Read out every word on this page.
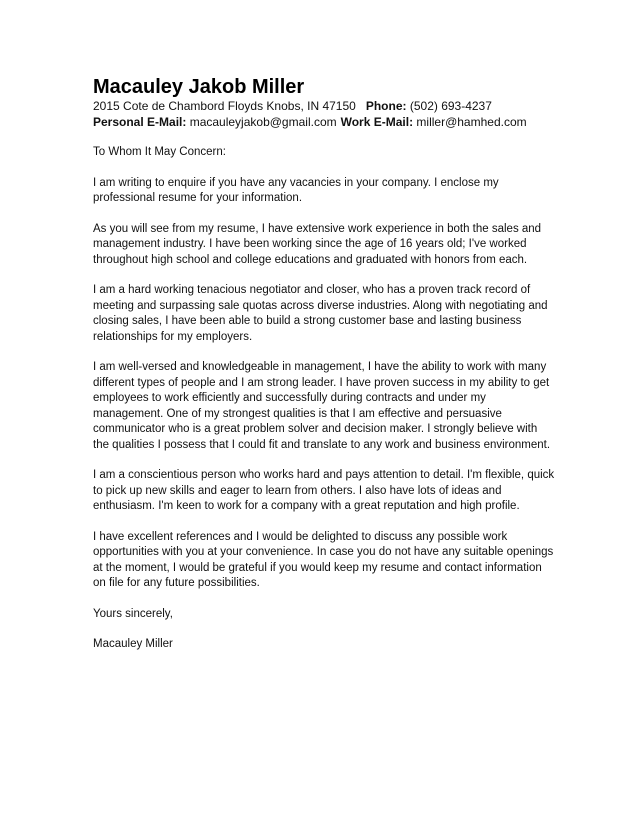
Macauley Jakob Miller

2015 Cote de Chambord Floyds Knobs, IN 47150 Phone: (502) 693-4237

Personal E-Mail: macauleyjakob@gmail.com Work E-Mail: miller@hamhed.com

To Whom It May Concern:

I am writing to enquire if you have any vacancies in your company. I enclose my professional resume for your information.

As you will see from my resume, I have extensive work experience in both the sales and management industry. I have been working since the age of 16 years old; I've worked throughout high school and college educations and graduated with honors from each.

I am a hard working tenacious negotiator and closer, who has a proven track record of meeting and surpassing sale quotas across diverse industries. Along with negotiating and closing sales, I have been able to build a strong customer base and lasting business relationships for my employers.

I am well-versed and knowledgeable in management, I have the ability to work with many different types of people and I am strong leader. I have proven success in my ability to get employees to work efficiently and successfully during contracts and under my management. One of my strongest qualities is that I am effective and persuasive communicator who is a great problem solver and decision maker. I strongly believe with the qualities I possess that I could fit and translate to any work and business environment.

I am a conscientious person who works hard and pays attention to detail. I'm flexible, quick to pick up new skills and eager to learn from others. I also have lots of ideas and enthusiasm. I'm keen to work for a company with a great reputation and high profile.

I have excellent references and I would be delighted to discuss any possible work opportunities with you at your convenience. In case you do not have any suitable openings at the moment, I would be grateful if you would keep my resume and contact information on file for any future possibilities.

Yours sincerely,

Macauley Miller
